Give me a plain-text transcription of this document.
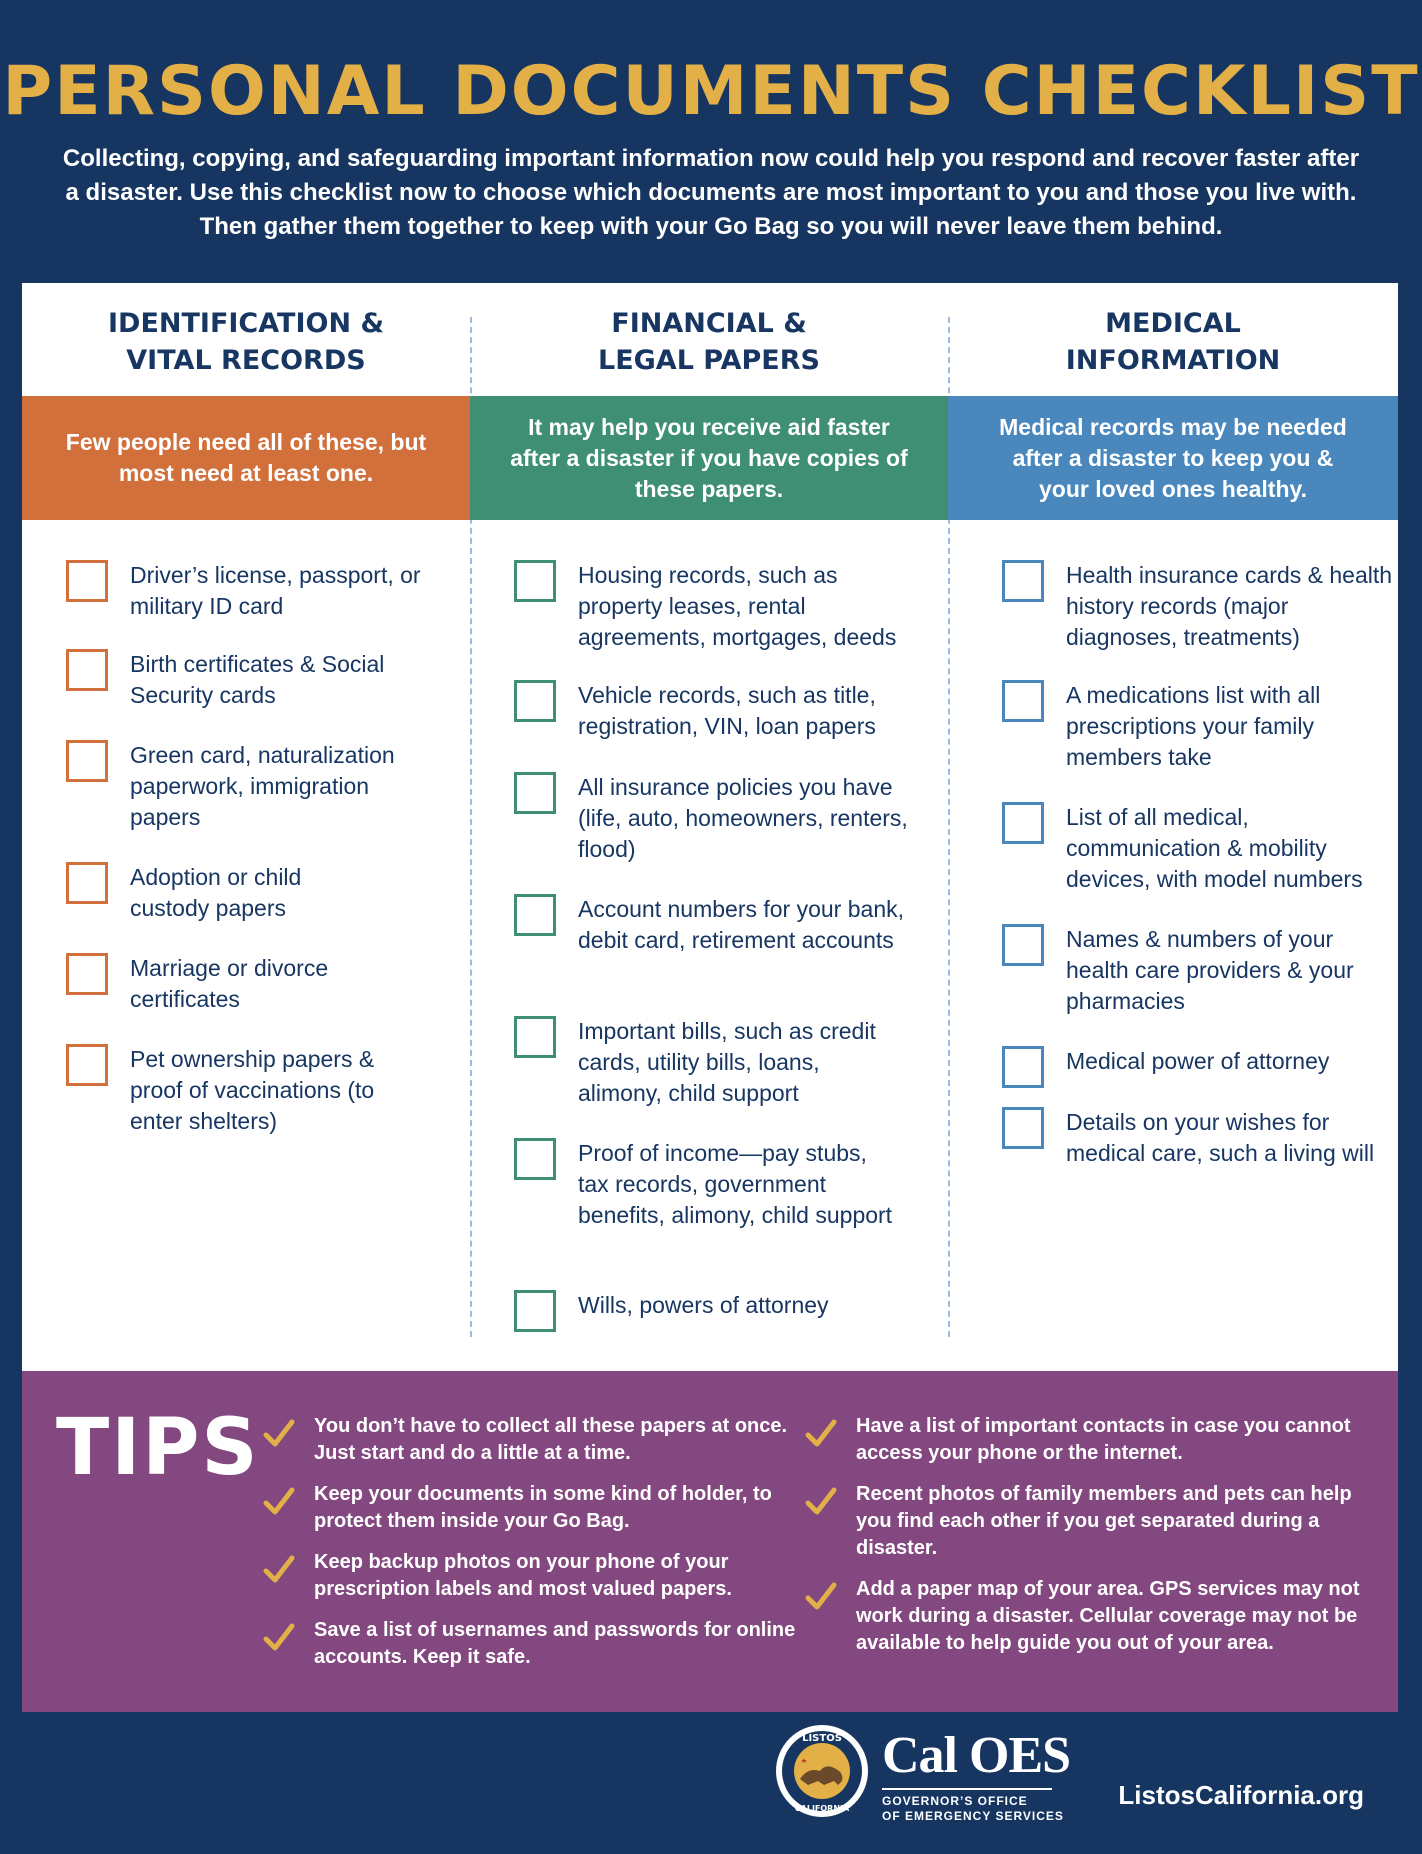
PERSONAL DOCUMENTS CHECKLIST
Collecting, copying, and safeguarding important information now could help you respond and recover faster after a disaster. Use this checklist now to choose which documents are most important to you and those you live with. Then gather them together to keep with your Go Bag so you will never leave them behind.
IDENTIFICATION &
VITAL RECORDS
Few people need all of these, but most need at least one.
Driver’s license, passport, or military ID card
Birth certificates & Social Security cards
Green card, naturalization paperwork, immigration papers
Adoption or child custody papers
Marriage or divorce certificates
Pet ownership papers & proof of vaccinations (to enter shelters)
FINANCIAL &
LEGAL PAPERS
It may help you receive aid faster after a disaster if you have copies of these papers.
Housing records, such as property leases, rental agreements, mortgages, deeds
Vehicle records, such as title, registration, VIN, loan papers
All insurance policies you have (life, auto, homeowners, renters, flood)
Account numbers for your bank, debit card, retirement accounts
Important bills, such as credit cards, utility bills, loans, alimony, child support
Proof of income—pay stubs, tax records, government benefits, alimony, child support
Wills, powers of attorney
MEDICAL
INFORMATION
Medical records may be needed after a disaster to keep you & your loved ones healthy.
Health insurance cards & health history records (major diagnoses, treatments)
A medications list with all prescriptions your family members take
List of all medical, communication & mobility devices, with model numbers
Names & numbers of your health care providers & your pharmacies
Medical power of attorney
Details on your wishes for medical care, such a living will
TIPS	You don’t have to collect all these papers at once. Just start and do a little at a time.
Keep your documents in some kind of holder, to protect them inside your Go Bag.
Keep backup photos on your phone of your prescription labels and most valued papers.
Save a list of usernames and passwords for online accounts. Keep it safe.
Have a list of important contacts in case you cannot access your phone or the internet.
Recent photos of family members and pets can help you find each other if you get separated during a disaster.
Add a paper map of your area. GPS services may not work during a disaster. Cellular coverage may not be available to help guide you out of your area.
LISTOS
CALIFORNIA
Cal OES
GOVERNOR’S OFFICE
OF EMERGENCY SERVICES
ListosCalifornia.org
